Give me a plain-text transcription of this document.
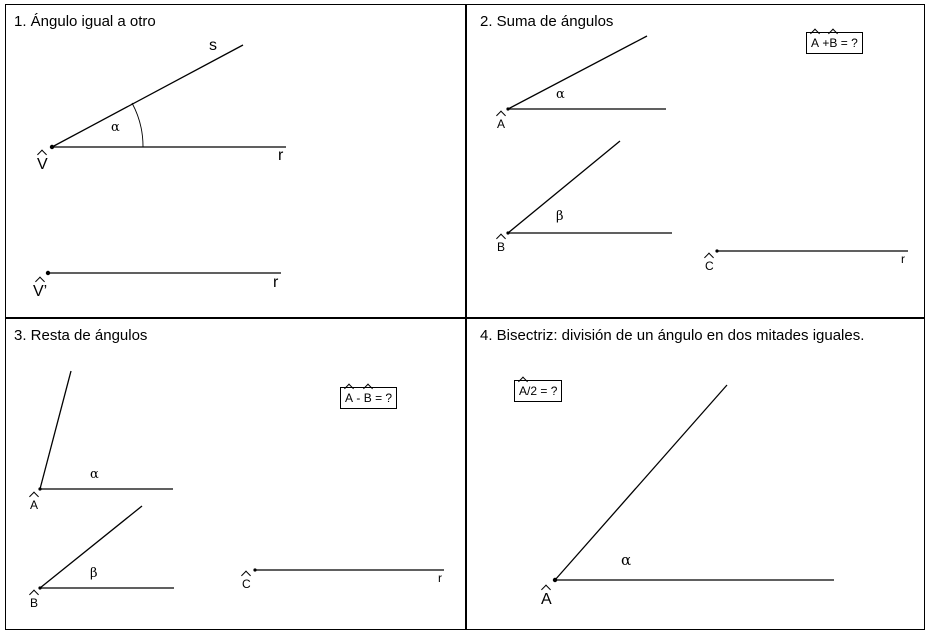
1. Ángulo igual a otro	2. Suma de ángulos
3. Resta de ángulos	4. Bisectriz: división de un ángulo en dos mitades iguales.
s
r
α
V
r
V’
α
A
β
B
C	r
A +B = ?
α
A
β
B
C	r
A - B = ?
α
A
A/2 = ?
